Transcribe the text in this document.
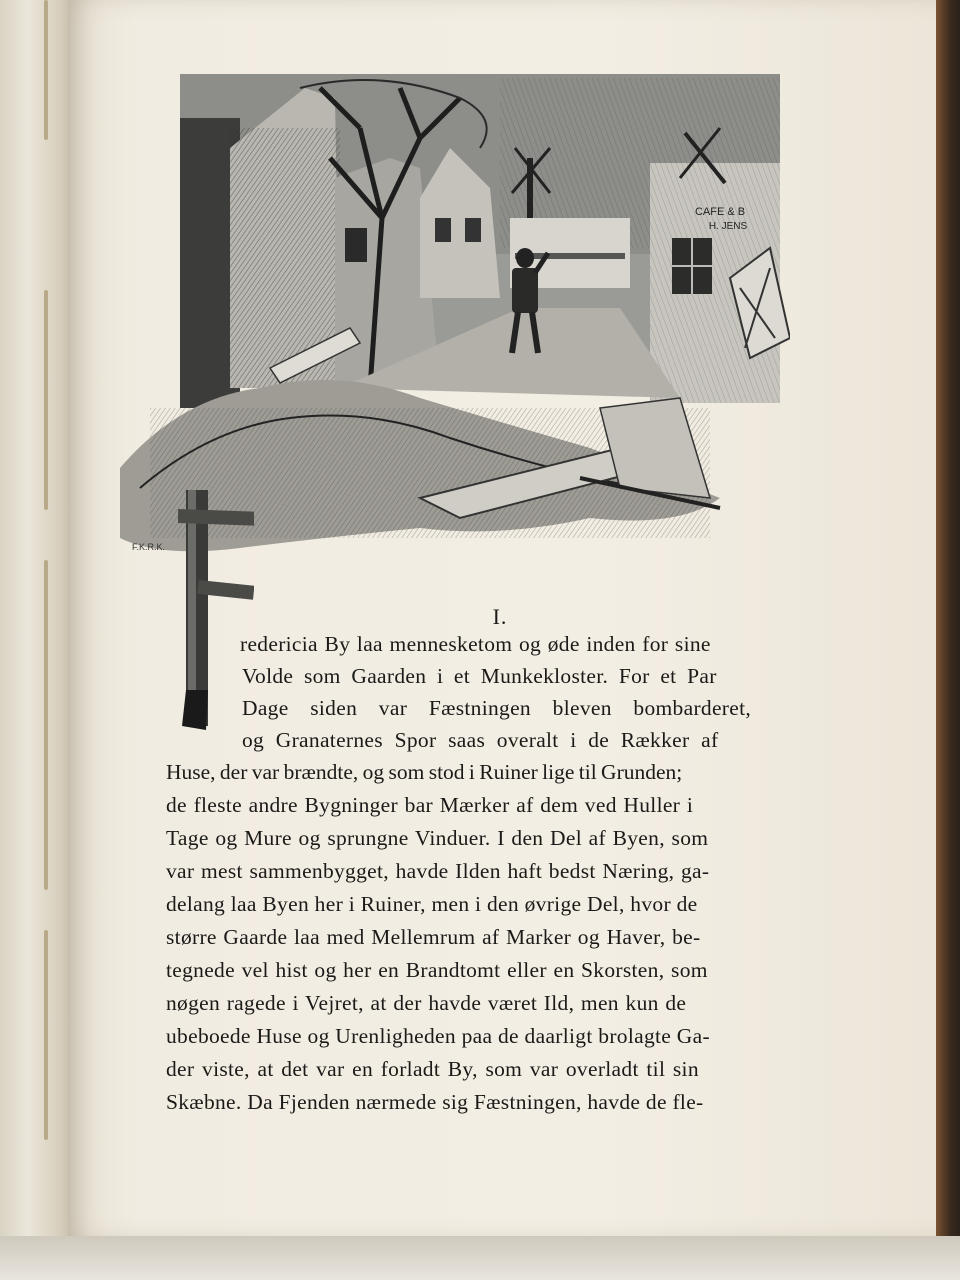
CAFE & B
H. JENS
F.K.R.K.
I.
redericia By laa mennesketom og øde inden for sine
Volde som Gaarden i et Munkekloster. For et Par
Dage siden var Fæstningen bleven bombarderet,
og Granaternes Spor saas overalt i de Rækker af
Huse, der var brændte, og som stod i Ruiner lige til Grunden;
de fleste andre Bygninger bar Mærker af dem ved Huller i
Tage og Mure og sprungne Vinduer. I den Del af Byen, som
var mest sammenbygget, havde Ilden haft bedst Næring, ga-
delang laa Byen her i Ruiner, men i den øvrige Del, hvor de
større Gaarde laa med Mellemrum af Marker og Haver, be-
tegnede vel hist og her en Brandtomt eller en Skorsten, som
nøgen ragede i Vejret, at der havde været Ild, men kun de
ubeboede Huse og Urenligheden paa de daarligt brolagte Ga-
der viste, at det var en forladt By, som var overladt til sin
Skæbne. Da Fjenden nærmede sig Fæstningen, havde de fle-
